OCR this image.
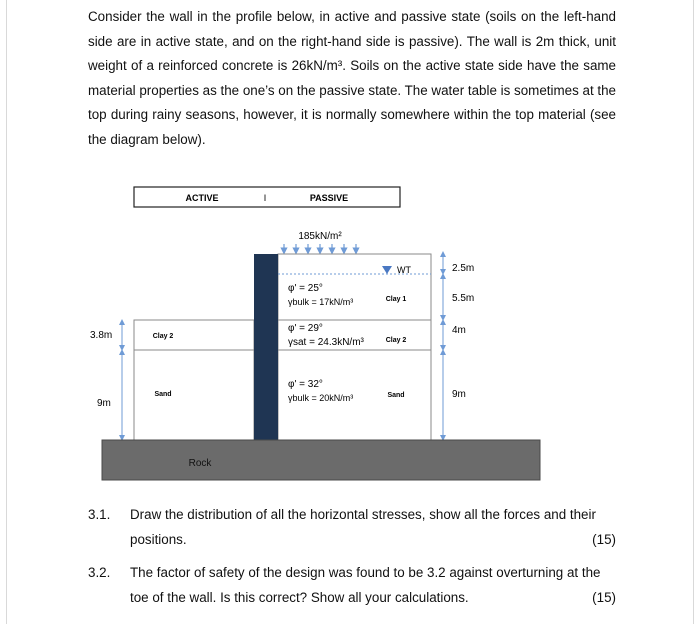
Consider the wall in the profile below, in active and passive state (soils on the left-hand side are in active state, and on the right-hand side is passive). The wall is 2m thick, unit weight of a reinforced concrete is 26kN/m³. Soils on the active state side have the same material properties as the one’s on the passive state. The water table is sometimes at the top during rainy seasons, however, it is normally somewhere within the top material (see the diagram below).

ACTIVE	I	PASSIVE
185kN/m²
Clay 2
Sand
WT
φ' = 25°
γbulk = 17kN/m³	Clay 1
φ' = 29°
γsat = 24.3kN/m³	Clay 2
φ' = 32°
γbulk = 20kN/m³	Sand
2.5m
5.5m
4m
9m
3.8m
9m
Rock
3.1. Draw the distribution of all the horizontal stresses, show all the forces and their positions.	(15)
3.2. The factor of safety of the design was found to be 3.2 against overturning at the toe of the wall. Is this correct? Show all your calculations.	(15)
